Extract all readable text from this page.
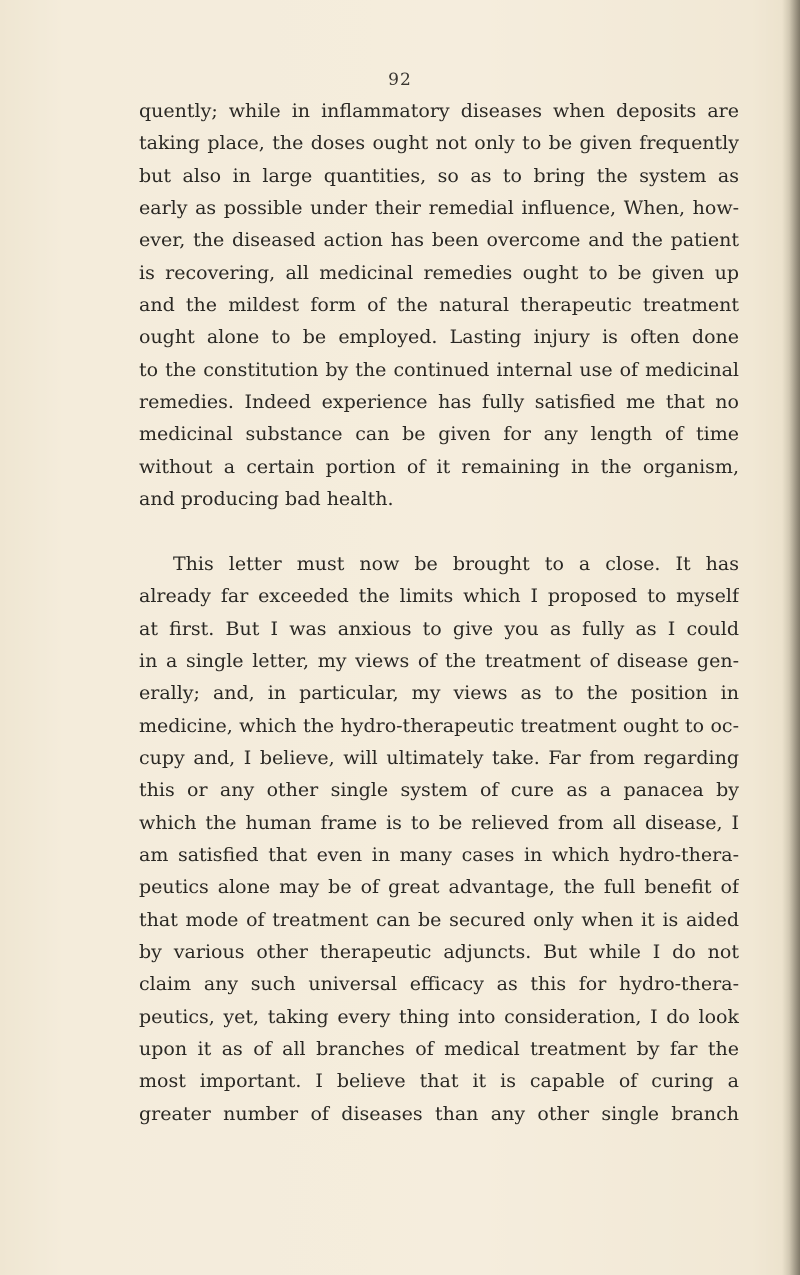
92
quently; while in inflammatory diseases when deposits are
taking place, the doses ought not only to be given frequently
but also in large quantities, so as to bring the system as
early as possible under their remedial influence, When, how-
ever, the diseased action has been overcome and the patient
is recovering, all medicinal remedies ought to be given up
and the mildest form of the natural therapeutic treatment
ought alone to be employed. Lasting injury is often done
to the constitution by the continued internal use of medicinal
remedies. Indeed experience has fully satisfied me that no
medicinal substance can be given for any length of time
without a certain portion of it remaining in the organism,
and producing bad health.
This letter must now be brought to a close. It has
already far exceeded the limits which I proposed to myself
at first. But I was anxious to give you as fully as I could
in a single letter, my views of the treatment of disease gen-
erally; and, in particular, my views as to the position in
medicine, which the hydro-therapeutic treatment ought to oc-
cupy and, I believe, will ultimately take. Far from regarding
this or any other single system of cure as a panacea by
which the human frame is to be relieved from all disease, I
am satisfied that even in many cases in which hydro-thera-
peutics alone may be of great advantage, the full benefit of
that mode of treatment can be secured only when it is aided
by various other therapeutic adjuncts. But while I do not
claim any such universal efficacy as this for hydro-thera-
peutics, yet, taking every thing into consideration, I do look
upon it as of all branches of medical treatment by far the
most important. I believe that it is capable of curing a
greater number of diseases than any other single branch
